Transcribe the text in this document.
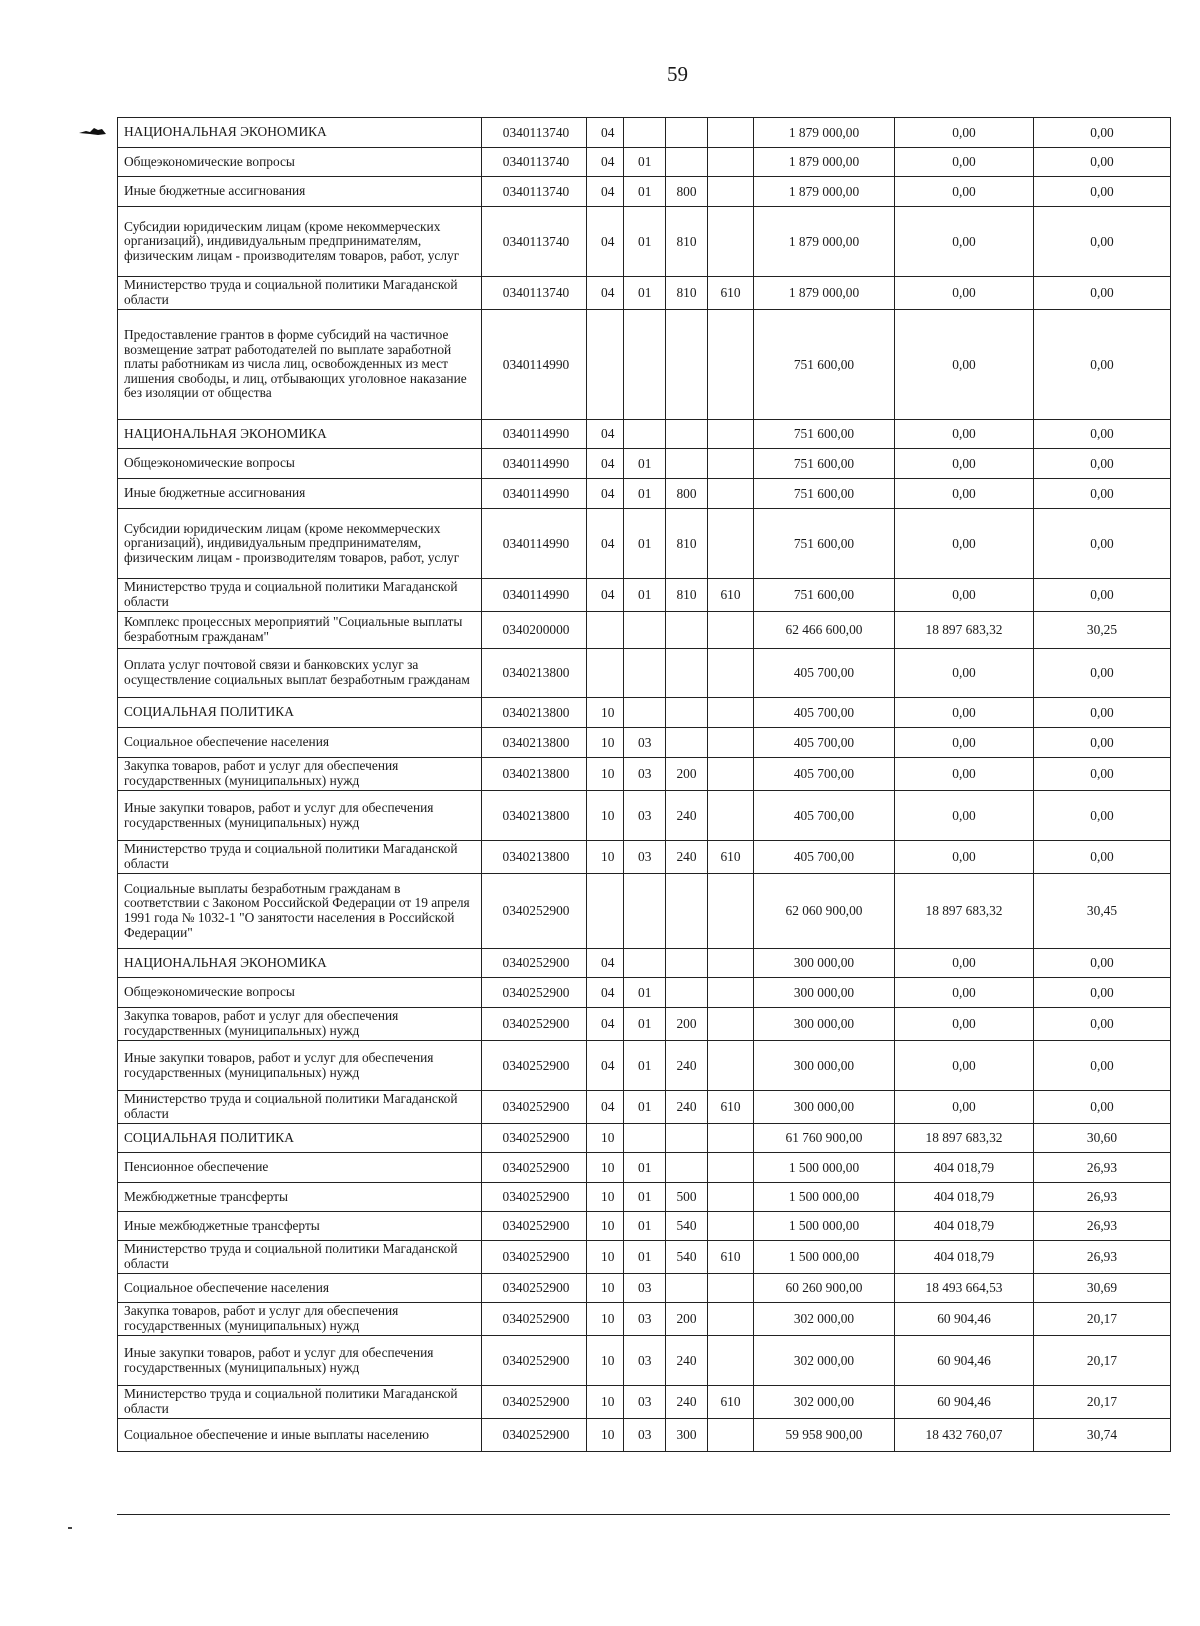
59
НАЦИОНАЛЬНАЯ ЭКОНОМИКА	0340113740	04				1 879 000,00	0,00	0,00
Общеэкономические вопросы	0340113740	04	01			1 879 000,00	0,00	0,00
Иные бюджетные ассигнования	0340113740	04	01	800		1 879 000,00	0,00	0,00
Субсидии юридическим лицам (кроме некоммерческих организаций), индивидуальным предпринимателям, физическим лицам - производителям товаров, работ, услуг	0340113740	04	01	810		1 879 000,00	0,00	0,00
Министерство труда и социальной политики Магаданской области	0340113740	04	01	810	610	1 879 000,00	0,00	0,00
Предоставление грантов в форме субсидий на частичное возмещение затрат работодателей по выплате заработной платы работникам из числа лиц, освобожденных из мест лишения свободы, и лиц, отбывающих уголовное наказание без изоляции от общества	0340114990					751 600,00	0,00	0,00
НАЦИОНАЛЬНАЯ ЭКОНОМИКА	0340114990	04				751 600,00	0,00	0,00
Общеэкономические вопросы	0340114990	04	01			751 600,00	0,00	0,00
Иные бюджетные ассигнования	0340114990	04	01	800		751 600,00	0,00	0,00
Субсидии юридическим лицам (кроме некоммерческих организаций), индивидуальным предпринимателям, физическим лицам - производителям товаров, работ, услуг	0340114990	04	01	810		751 600,00	0,00	0,00
Министерство труда и социальной политики Магаданской области	0340114990	04	01	810	610	751 600,00	0,00	0,00
Комплекс процессных мероприятий "Социальные выплаты безработным гражданам"	0340200000					62 466 600,00	18 897 683,32	30,25
Оплата услуг почтовой связи и банковских услуг за осуществление социальных выплат безработным гражданам	0340213800					405 700,00	0,00	0,00
СОЦИАЛЬНАЯ ПОЛИТИКА	0340213800	10				405 700,00	0,00	0,00
Социальное обеспечение населения	0340213800	10	03			405 700,00	0,00	0,00
Закупка товаров, работ и услуг для обеспечения государственных (муниципальных) нужд	0340213800	10	03	200		405 700,00	0,00	0,00
Иные закупки товаров, работ и услуг для обеспечения государственных (муниципальных) нужд	0340213800	10	03	240		405 700,00	0,00	0,00
Министерство труда и социальной политики Магаданской области	0340213800	10	03	240	610	405 700,00	0,00	0,00
Социальные выплаты безработным гражданам в соответствии с Законом Российской Федерации от 19 апреля 1991 года № 1032-1 "О занятости населения в Российской Федерации"	0340252900					62 060 900,00	18 897 683,32	30,45
НАЦИОНАЛЬНАЯ ЭКОНОМИКА	0340252900	04				300 000,00	0,00	0,00
Общеэкономические вопросы	0340252900	04	01			300 000,00	0,00	0,00
Закупка товаров, работ и услуг для обеспечения государственных (муниципальных) нужд	0340252900	04	01	200		300 000,00	0,00	0,00
Иные закупки товаров, работ и услуг для обеспечения государственных (муниципальных) нужд	0340252900	04	01	240		300 000,00	0,00	0,00
Министерство труда и социальной политики Магаданской области	0340252900	04	01	240	610	300 000,00	0,00	0,00
СОЦИАЛЬНАЯ ПОЛИТИКА	0340252900	10				61 760 900,00	18 897 683,32	30,60
Пенсионное обеспечение	0340252900	10	01			1 500 000,00	404 018,79	26,93
Межбюджетные трансферты	0340252900	10	01	500		1 500 000,00	404 018,79	26,93
Иные межбюджетные трансферты	0340252900	10	01	540		1 500 000,00	404 018,79	26,93
Министерство труда и социальной политики Магаданской области	0340252900	10	01	540	610	1 500 000,00	404 018,79	26,93
Социальное обеспечение населения	0340252900	10	03			60 260 900,00	18 493 664,53	30,69
Закупка товаров, работ и услуг для обеспечения государственных (муниципальных) нужд	0340252900	10	03	200		302 000,00	60 904,46	20,17
Иные закупки товаров, работ и услуг для обеспечения государственных (муниципальных) нужд	0340252900	10	03	240		302 000,00	60 904,46	20,17
Министерство труда и социальной политики Магаданской области	0340252900	10	03	240	610	302 000,00	60 904,46	20,17
Социальное обеспечение и иные выплаты населению	0340252900	10	03	300		59 958 900,00	18 432 760,07	30,74
